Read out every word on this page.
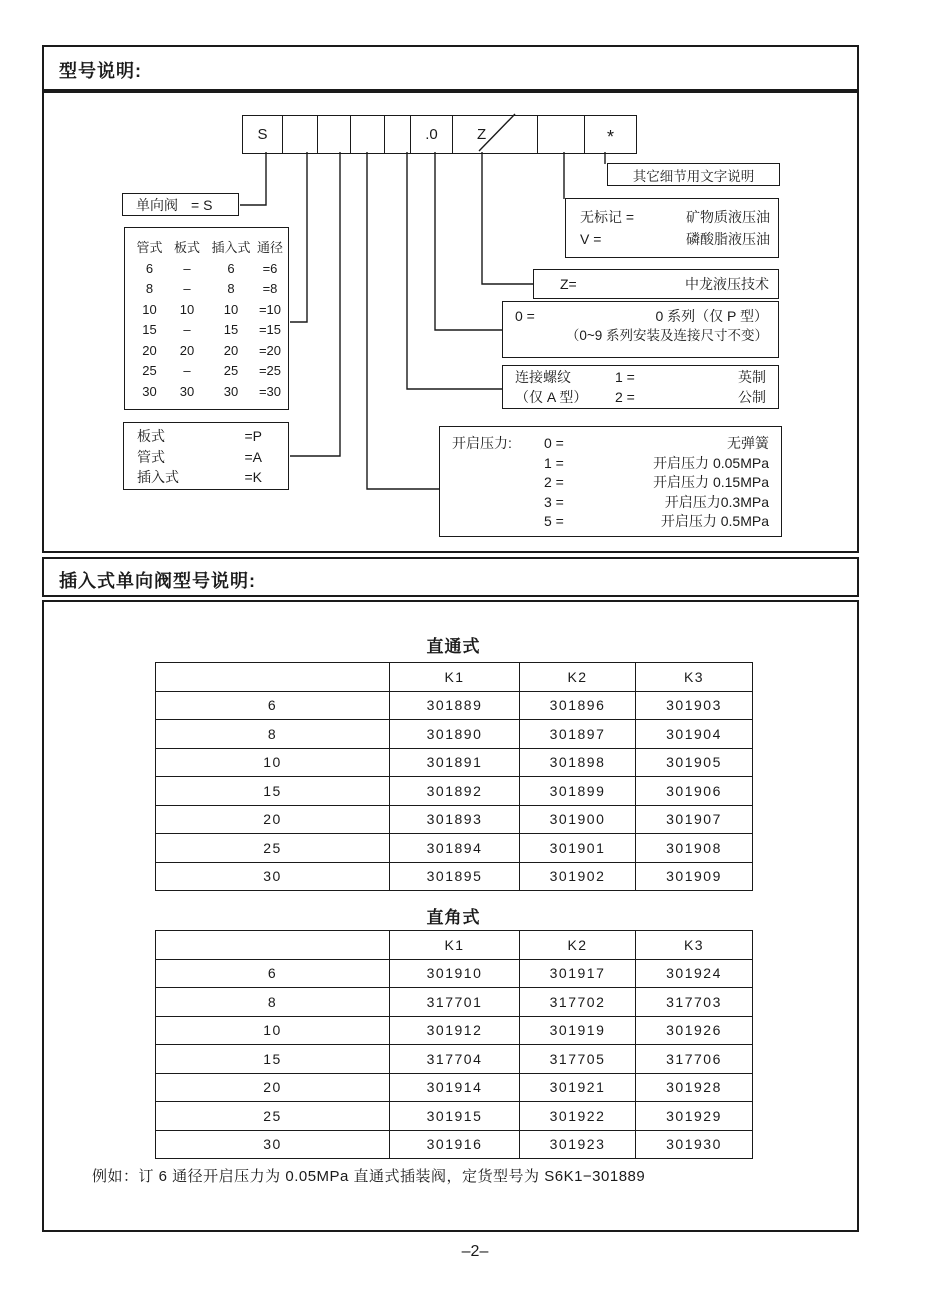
型号说明:
S	.0	Z	*
单向阀 = S
管式 板式 插入式 通径
6	–	6	=6
8	–	8	=8
10	10	10	=10
15	–	15	=15
20	20	20	=20
25	–	25	=25
30	30	30	=30
板式	=P
管式	=A
插入式	=K
开启压力:	0 =	无弹簧
1 =	开启压力 0.05MPa
2 =	开启压力 0.15MPa
3 =	开启压力0.3MPa
5 =	开启压力 0.5MPa
连接螺纹	1 =	英制
（仅 A 型）	2 =	公制
0 =	0 系列（仅 P 型）
（0~9 系列安装及连接尺寸不变）
Z=	中龙液压技术
无标记 =	矿物质液压油
V =	磷酸脂液压油
其它细节用文字说明
插入式单向阀型号说明:
直通式
	K1	K2	K3
6	301889	301896	301903
8	301890	301897	301904
10	301891	301898	301905
15	301892	301899	301906
20	301893	301900	301907
25	301894	301901	301908
30	301895	301902	301909
直角式
	K1	K2	K3
6	301910	301917	301924
8	317701	317702	317703
10	301912	301919	301926
15	317704	317705	317706
20	301914	301921	301928
25	301915	301922	301929
30	301916	301923	301930
例如：订 6 通径开启压力为 0.05MPa 直通式插装阀，定货型号为 S6K1−301889
–2–
